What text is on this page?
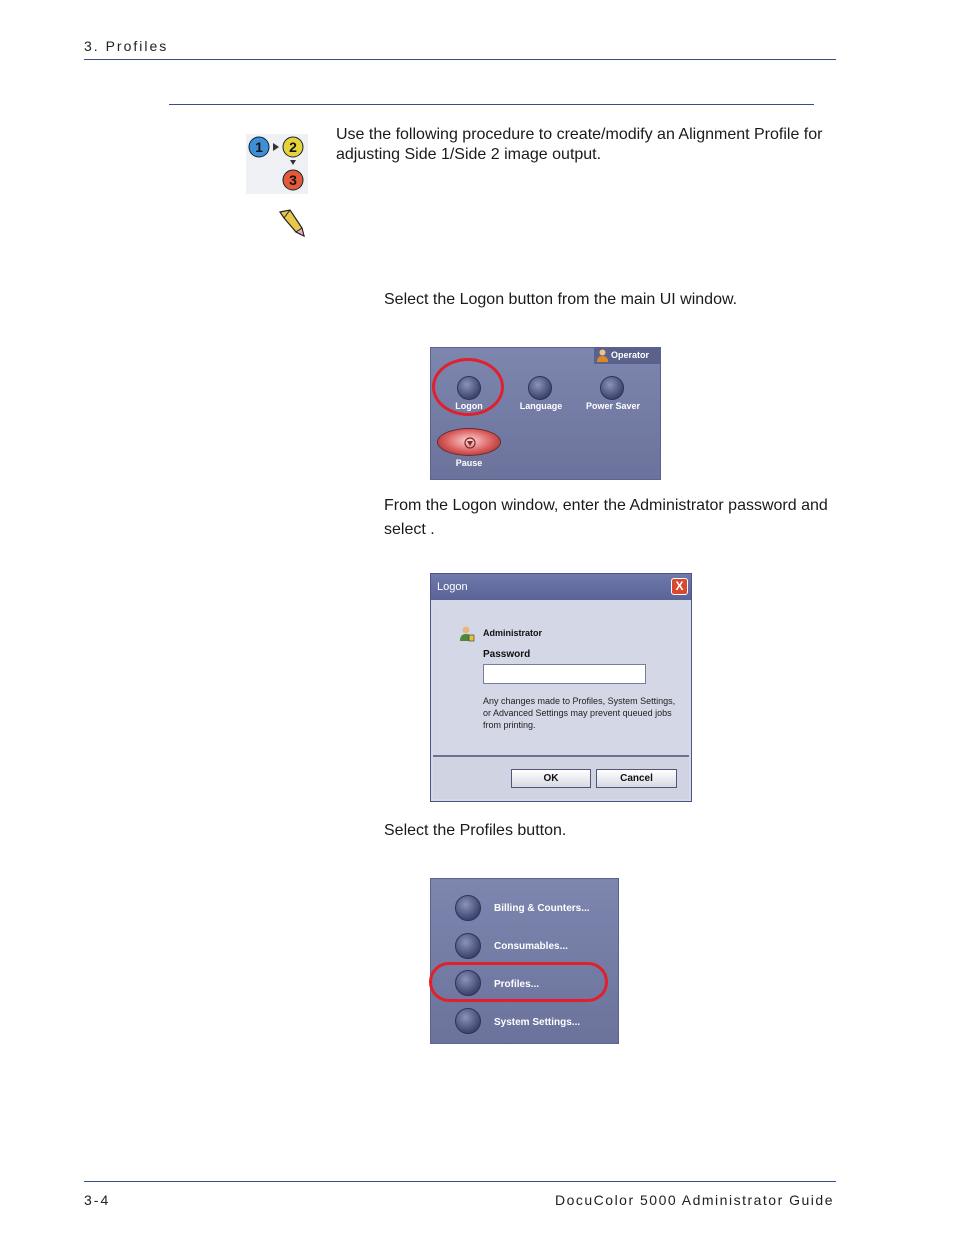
3. Profiles
1 2
3
Use the following procedure to create/modify an Alignment Profile for adjusting Side 1/Side 2 image output.
Select the Logon button from the main UI window.
Operator
Logon	Language	Power Saver
Pause
From the Logon window, enter the Administrator password and select .
Logon	X
Administrator
Password
Any changes made to Profiles, System Settings, or Advanced Settings may prevent queued jobs from printing.
OK	Cancel
Select the Profiles button.
Billing & Counters...
Consumables...
Profiles...
System Settings...
3-4	DocuColor 5000 Administrator Guide
